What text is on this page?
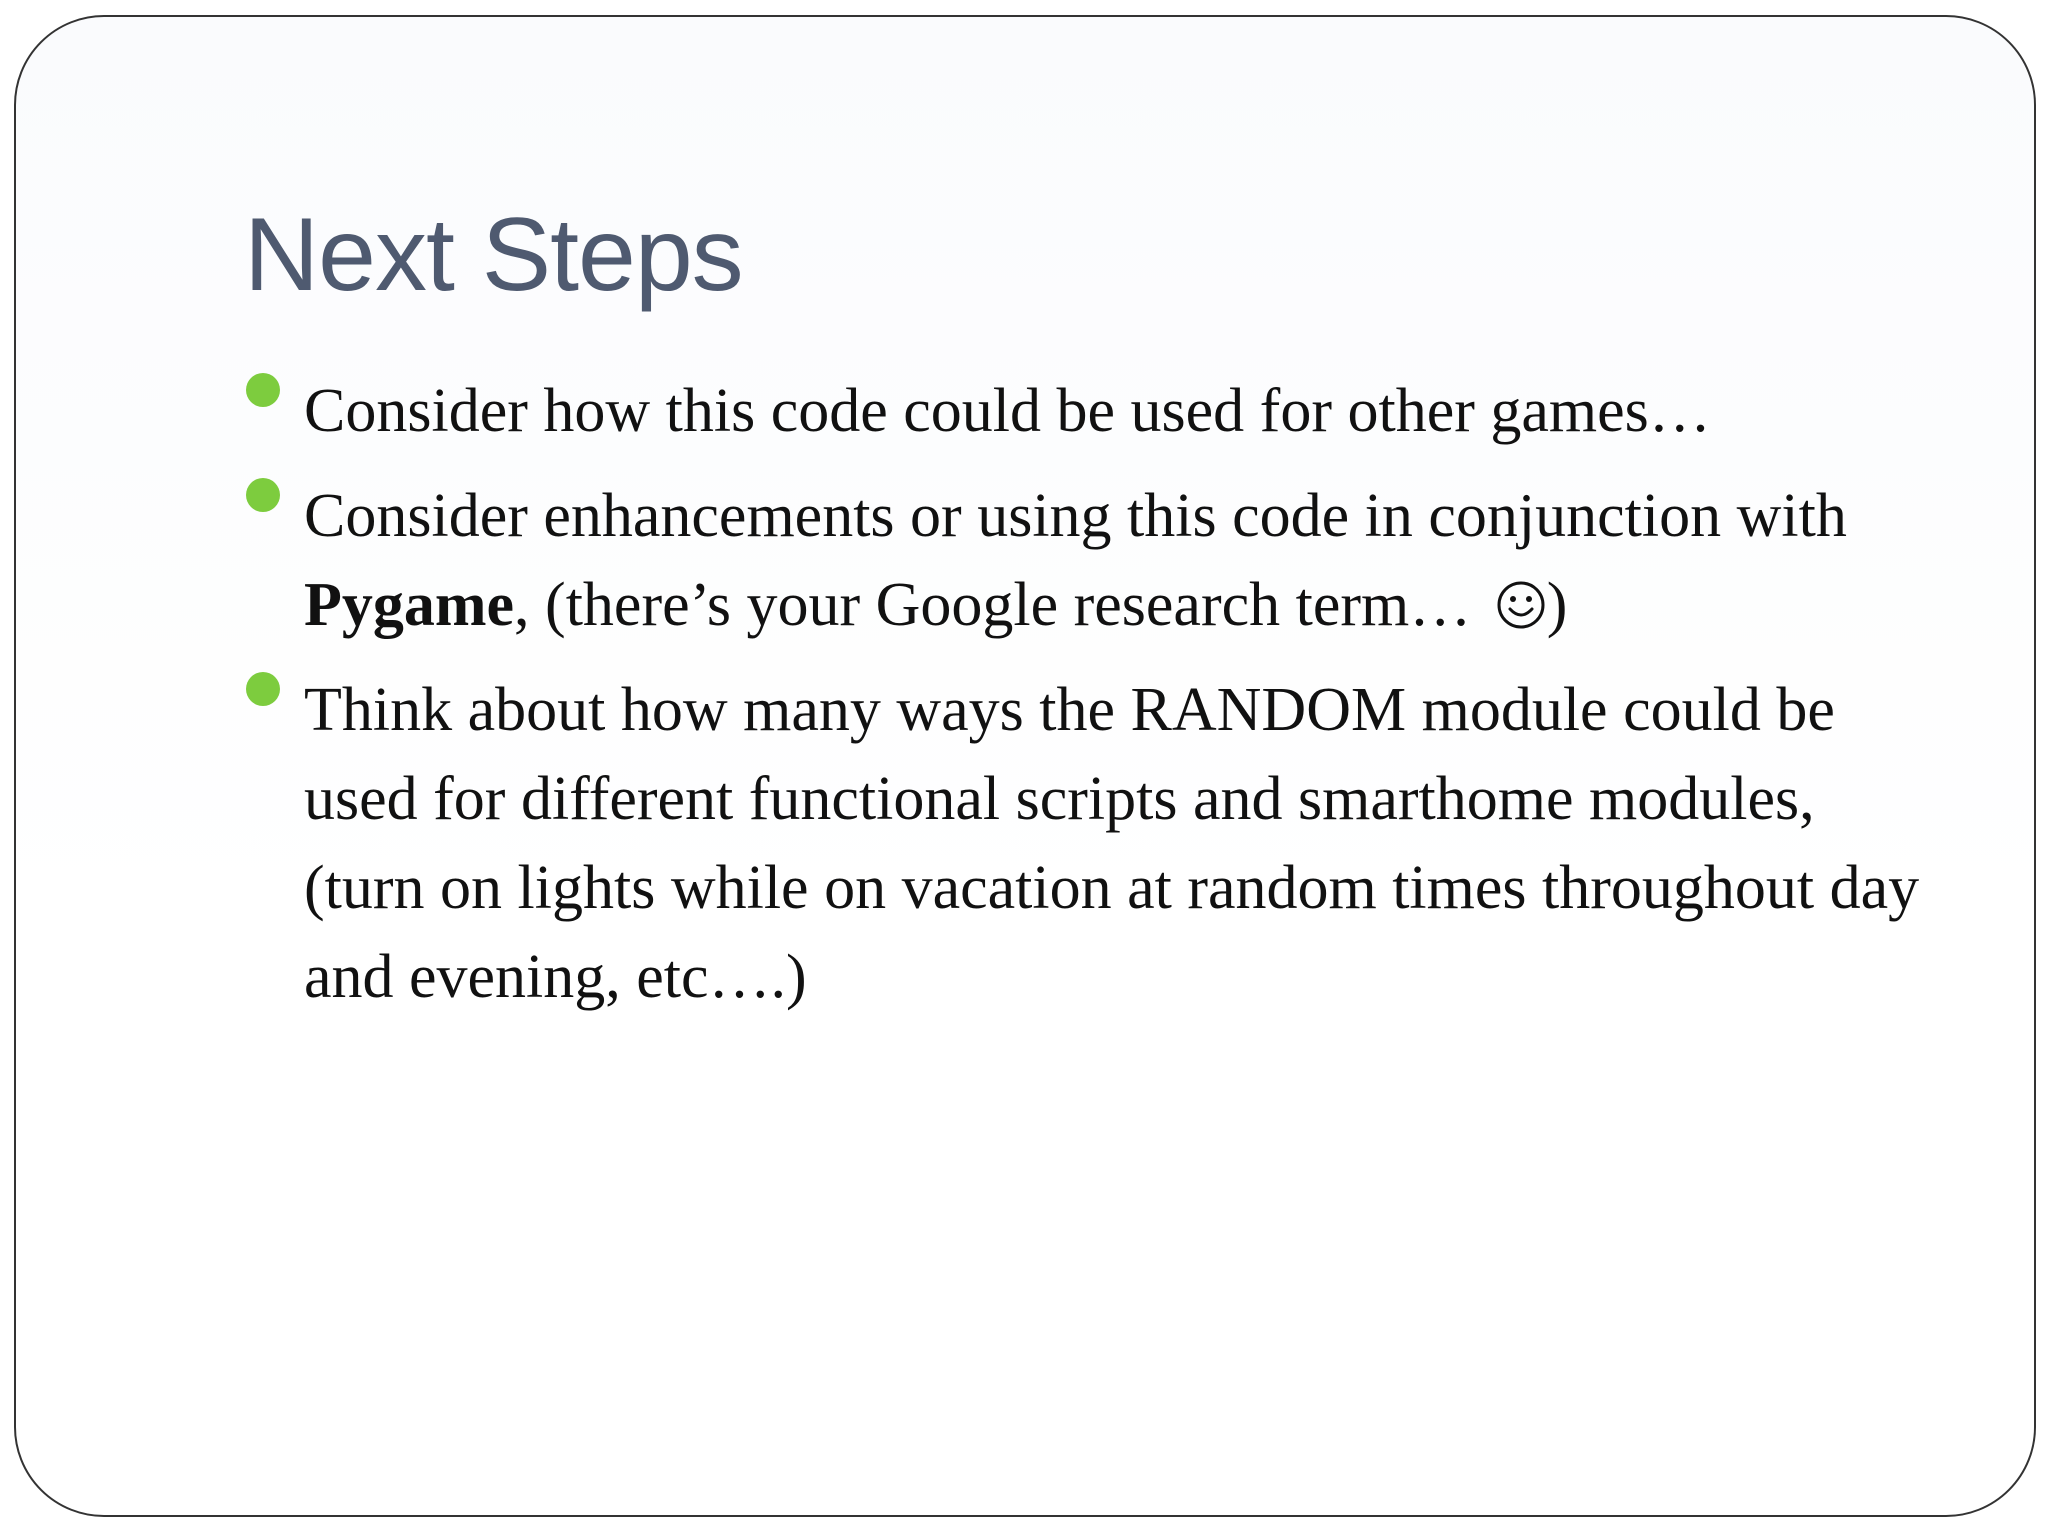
Next Steps
Consider how this code could be used for other games…
Consider enhancements or using this code in conjunction with Pygame, (there’s your Google research term… )
Think about how many ways the RANDOM module could be used for different functional scripts and smarthome modules, (turn on lights while on vacation at random times throughout day and evening, etc….)
